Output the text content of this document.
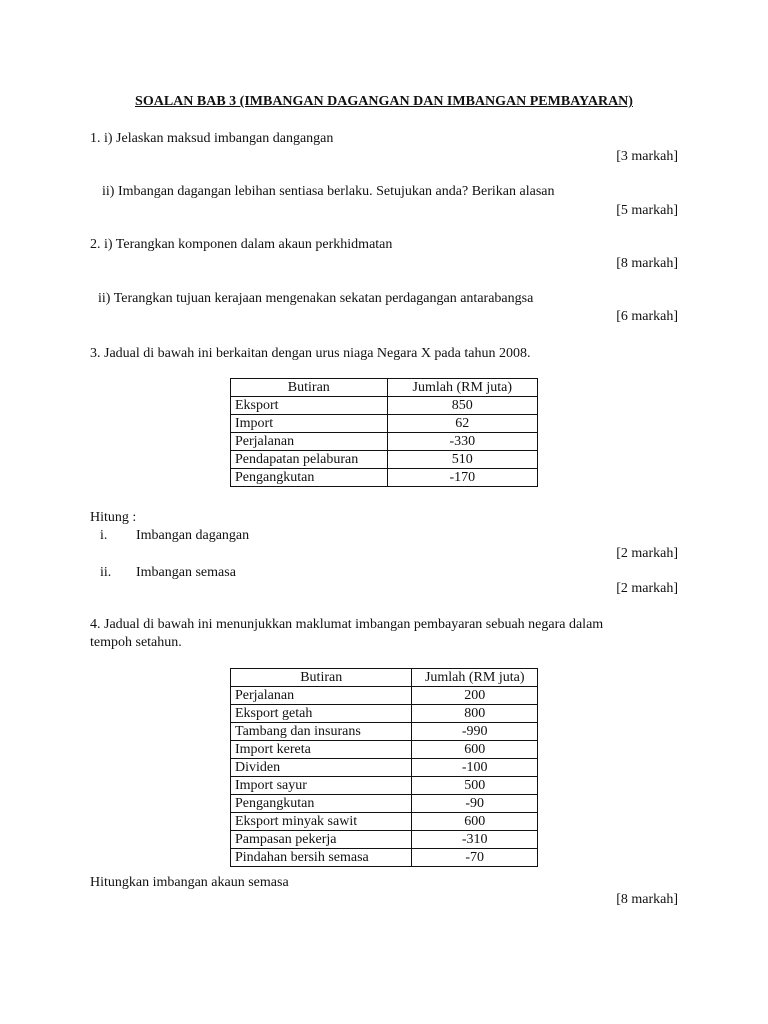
SOALAN BAB 3 (IMBANGAN DAGANGAN DAN IMBANGAN PEMBAYARAN)
1. i) Jelaskan maksud imbangan dangangan
[3 markah]
ii) Imbangan dagangan lebihan sentiasa berlaku. Setujukan anda? Berikan alasan
[5 markah]
2. i) Terangkan komponen dalam akaun perkhidmatan
[8 markah]
ii) Terangkan tujuan kerajaan mengenakan sekatan perdagangan antarabangsa
[6 markah]
3. Jadual di bawah ini berkaitan dengan urus niaga Negara X pada tahun 2008.
Butiran	Jumlah (RM juta)
Eksport	850
Import	62
Perjalanan	-330
Pendapatan pelaburan	510
Pengangkutan	-170
Hitung :
i. Imbangan dagangan
[2 markah]
ii. Imbangan semasa
[2 markah]
4. Jadual di bawah ini menunjukkan maklumat imbangan pembayaran sebuah negara dalam
tempoh setahun.
Butiran	Jumlah (RM juta)
Perjalanan	200
Eksport getah	800
Tambang dan insurans	-990
Import kereta	600
Dividen	-100
Import sayur	500
Pengangkutan	-90
Eksport minyak sawit	600
Pampasan pekerja	-310
Pindahan bersih semasa	-70
Hitungkan imbangan akaun semasa
[8 markah]
